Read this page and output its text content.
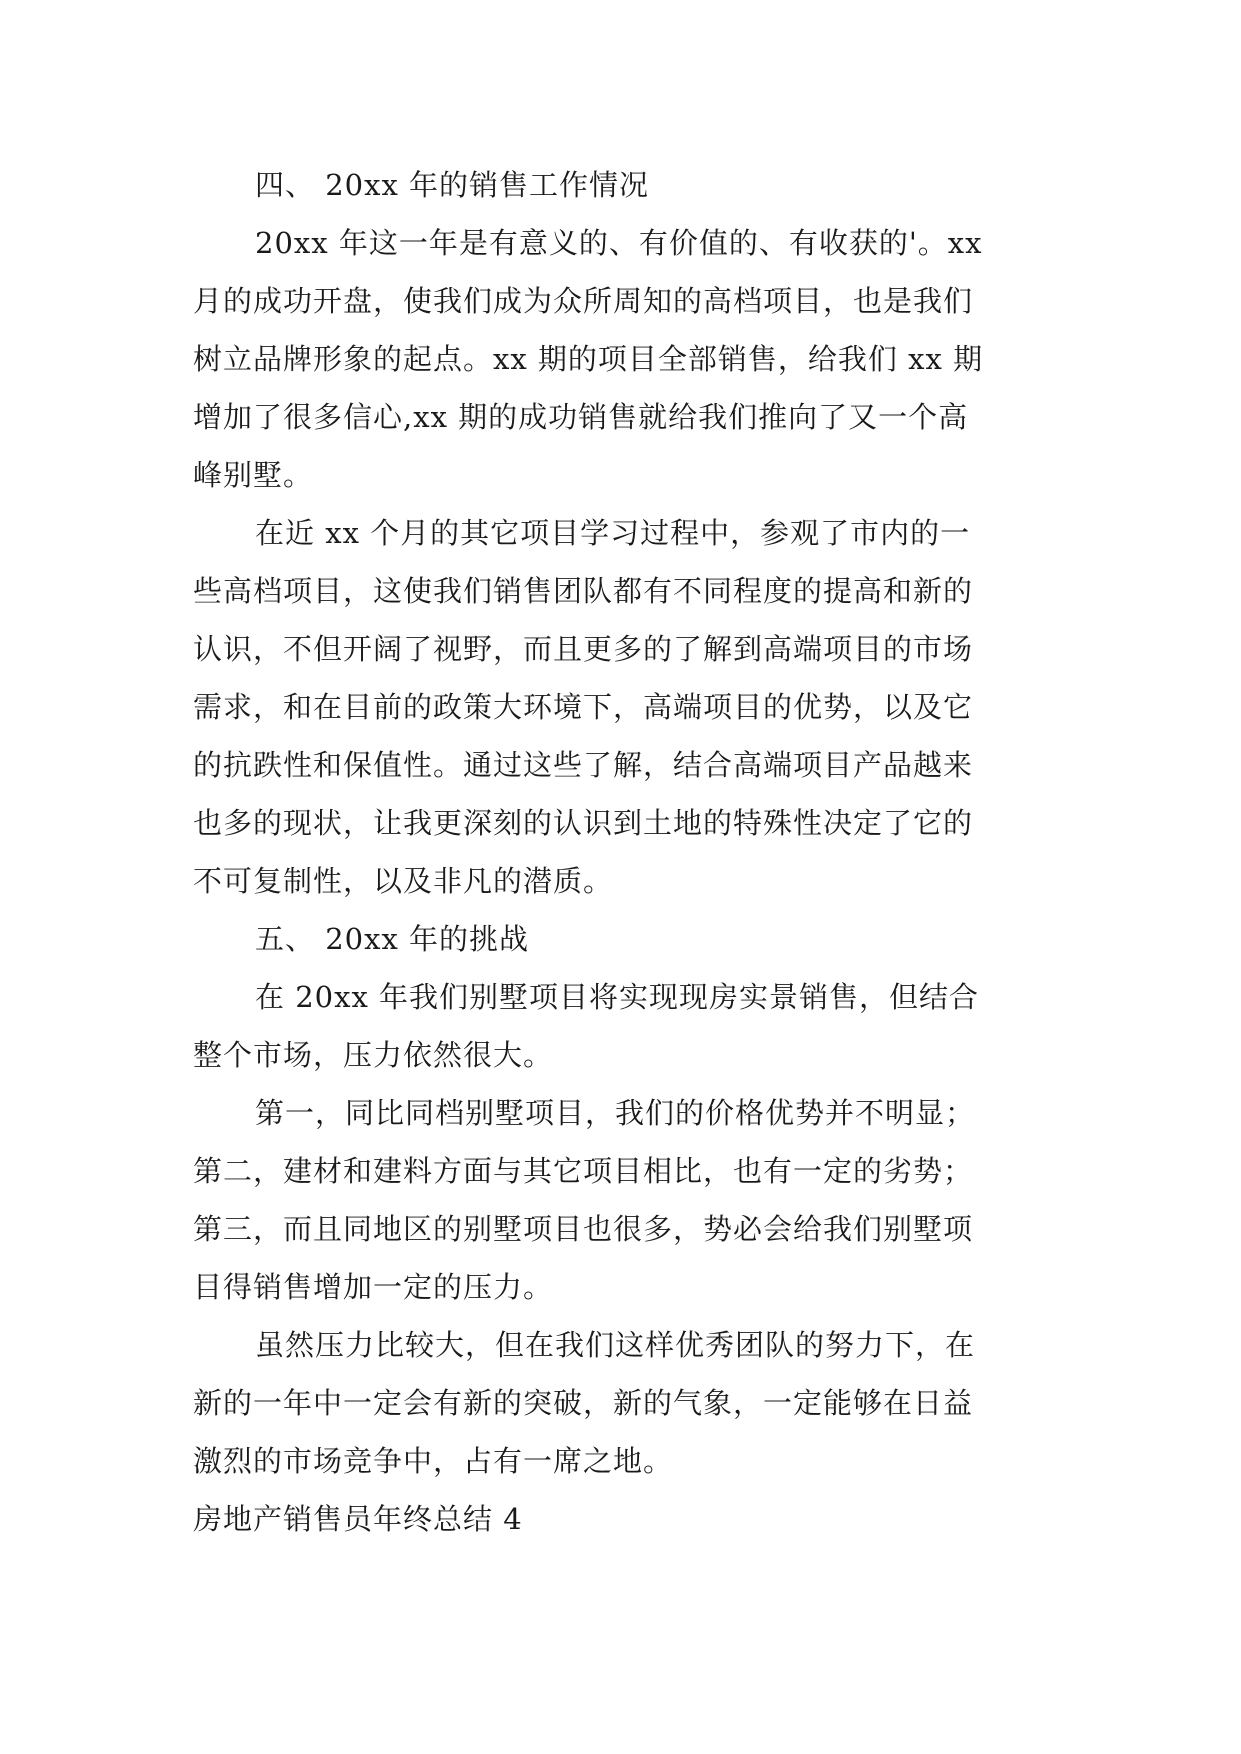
四、 20xx 年的销售工作情况
20xx 年这一年是有意义的、有价值的、有收获的'。xx
月的成功开盘，使我们成为众所周知的高档项目，也是我们
树立品牌形象的起点。xx 期的项目全部销售，给我们 xx 期
增加了很多信心,xx 期的成功销售就给我们推向了又一个高
峰别墅。
在近 xx 个月的其它项目学习过程中，参观了市内的一
些高档项目，这使我们销售团队都有不同程度的提高和新的
认识，不但开阔了视野，而且更多的了解到高端项目的市场
需求，和在目前的政策大环境下，高端项目的优势，以及它
的抗跌性和保值性。通过这些了解，结合高端项目产品越来
也多的现状，让我更深刻的认识到土地的特殊性决定了它的
不可复制性，以及非凡的潜质。
五、 20xx 年的挑战
在 20xx 年我们别墅项目将实现现房实景销售，但结合
整个市场，压力依然很大。
第一，同比同档别墅项目，我们的价格优势并不明显；
第二，建材和建料方面与其它项目相比，也有一定的劣势；
第三，而且同地区的别墅项目也很多，势必会给我们别墅项
目得销售增加一定的压力。
虽然压力比较大，但在我们这样优秀团队的努力下，在
新的一年中一定会有新的突破，新的气象，一定能够在日益
激烈的市场竞争中，占有一席之地。
房地产销售员年终总结 4
